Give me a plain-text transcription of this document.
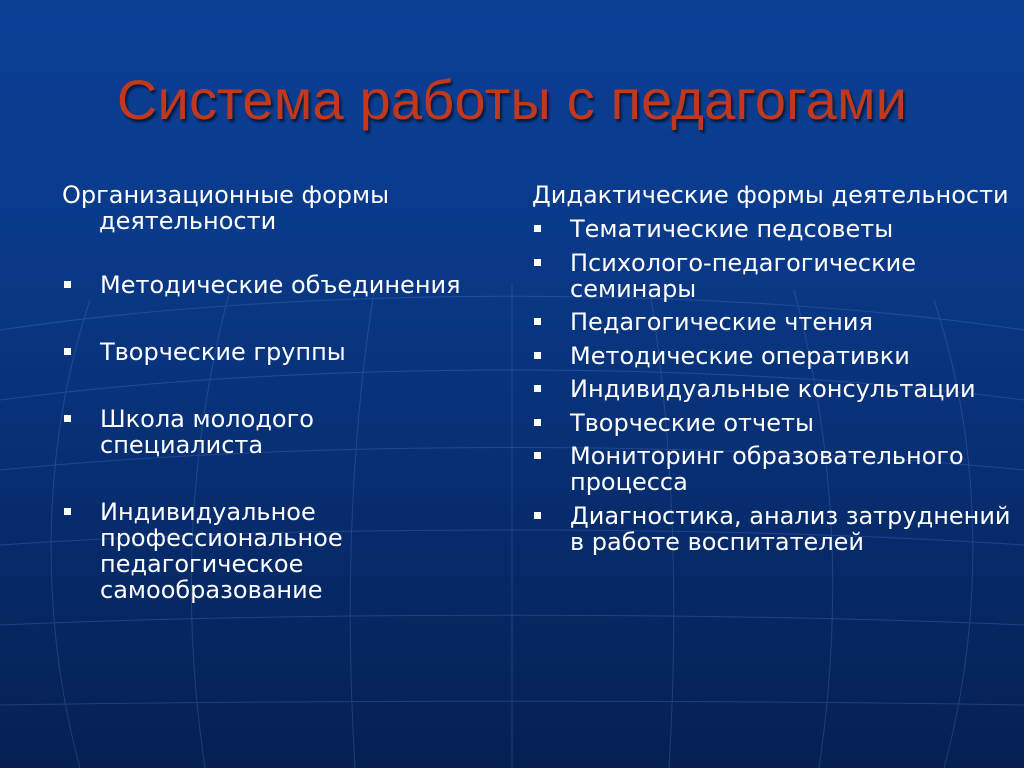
Система работы с педагогами

Организационные формы деятельности

Методические объединения
Творческие группы
Школа молодого специалиста
Индивидуальное профессиональное педагогическое самообразование

Дидактические формы деятельности

Тематические педсоветы
Психолого-педагогические семинары
Педагогические чтения
Методические оперативки
Индивидуальные консультации
Творческие отчеты
Мониторинг образовательного процесса
Диагностика, анализ затруднений в работе воспитателей
